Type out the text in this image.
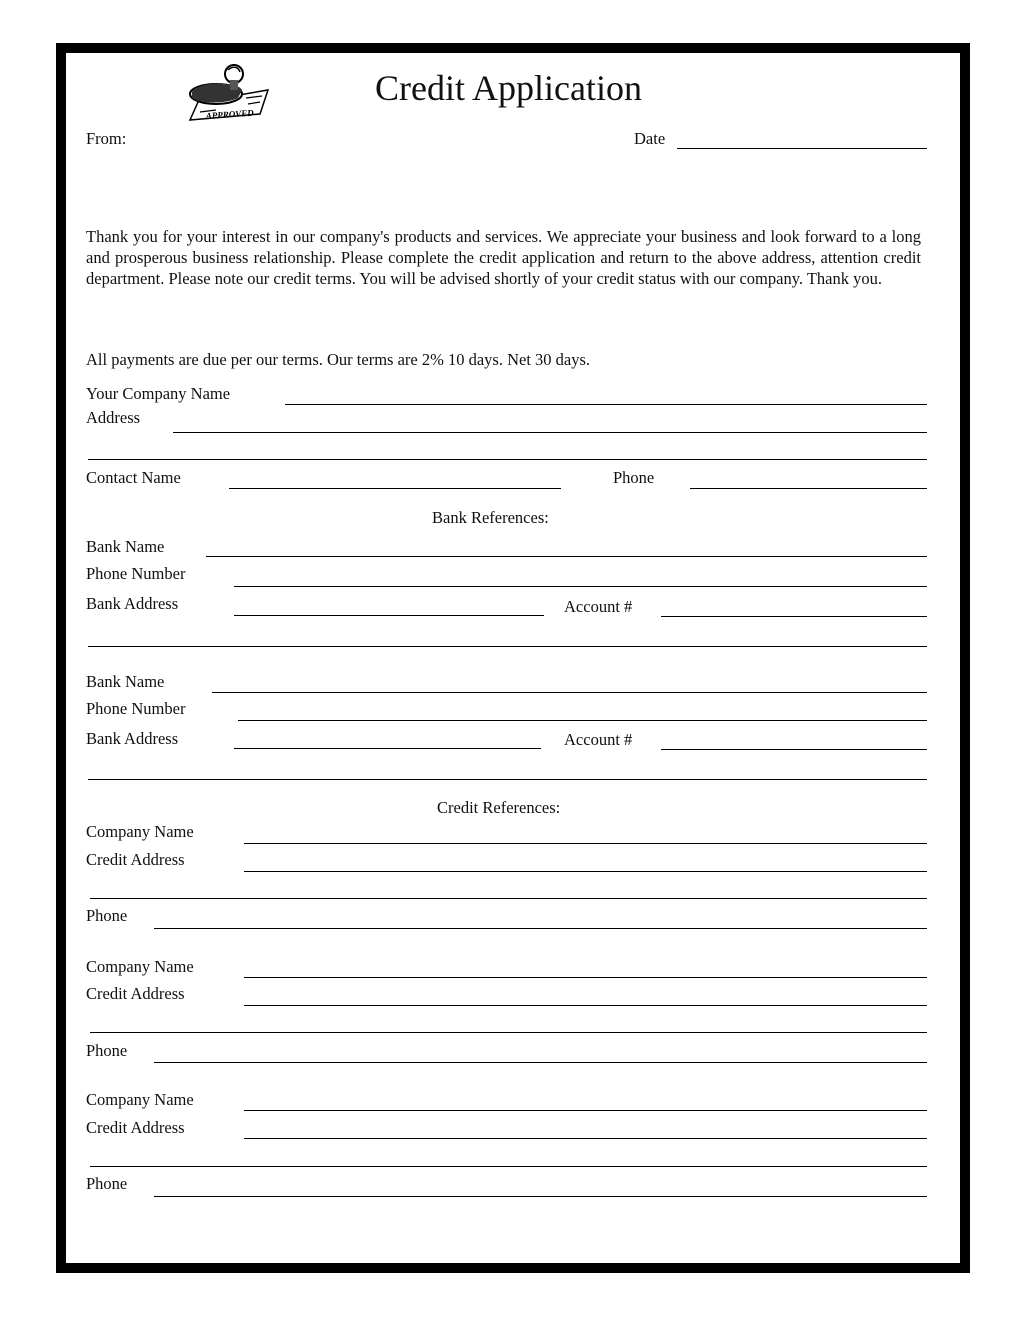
APPROVED
Credit Application
From:	Date
Thank you for your interest in our company's products and services. We appreciate your business and look forward to a long and prosperous business relationship. Please complete the credit application and return to the above address, attention credit department. Please note our credit terms. You will be advised shortly of your credit status with our company. Thank you.
All payments are due per our terms. Our terms are 2% 10 days. Net 30 days.
Your Company Name
Address
Contact Name	Phone
Bank References:
Bank Name
Phone Number
Bank Address	Account #
Bank Name
Phone Number
Bank Address	Account #
Credit References:
Company Name
Credit Address
Phone
Company Name
Credit Address
Phone
Company Name
Credit Address
Phone
